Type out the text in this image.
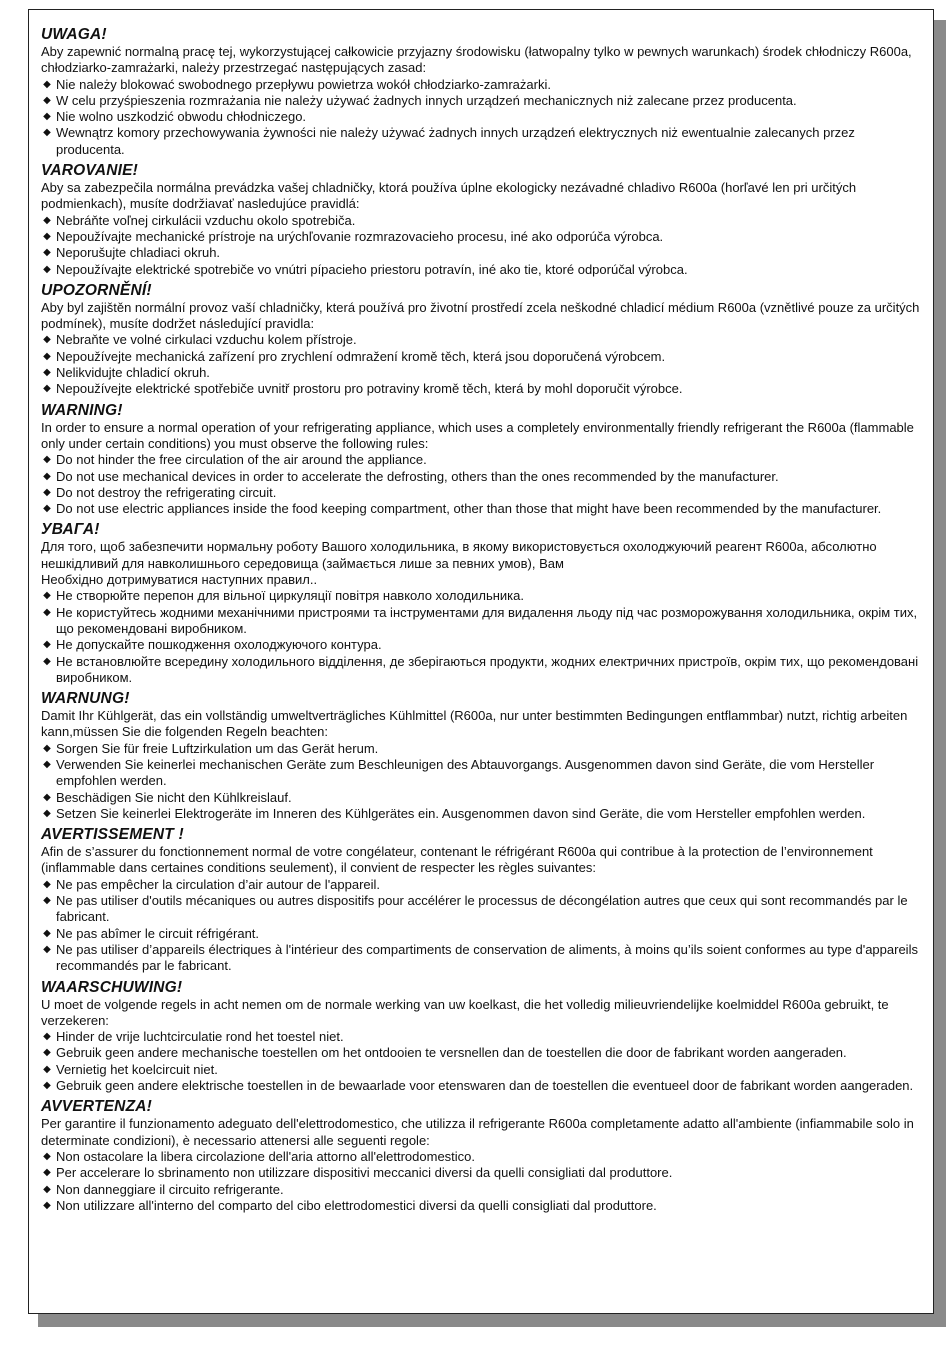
UWAGA!
Aby zapewnić normalną pracę tej, wykorzystującej całkowicie przyjazny środowisku (łatwopalny tylko w pewnych warunkach) środek chłodniczy R600a, chłodziarko-zamrażarki, należy przestrzegać następujących zasad:
◆ Nie należy blokować swobodnego przepływu powietrza wokół chłodziarko-zamrażarki.
◆ W celu przyśpieszenia rozmrażania nie należy używać żadnych innych urządzeń mechanicznych niż zalecane przez producenta.
◆ Nie wolno uszkodzić obwodu chłodniczego.
◆ Wewnątrz komory przechowywania żywności nie należy używać żadnych innych urządzeń elektrycznych niż ewentualnie zalecanych przez producenta.
VAROVANIE!
Aby sa zabezpečila normálna prevádzka vašej chladničky, ktorá používa úplne ekologicky nezávadné chladivo R600a (horľavé len pri určitých podmienkach), musíte dodržiavať nasledujúce pravidlá:
◆ Nebráňte voľnej cirkulácii vzduchu okolo spotrebiča.
◆ Nepoužívajte mechanické prístroje na urýchľovanie rozmrazovacieho procesu, iné ako odporúča výrobca.
◆ Neporušujte chladiaci okruh.
◆ Nepoužívajte elektrické spotrebiče vo vnútri pípacieho priestoru potravín, iné ako tie, ktoré odporúčal výrobca.
UPOZORNĚNÍ!
Aby byl zajištěn normální provoz vaší chladničky, která používá pro životní prostředí zcela neškodné chladicí médium R600a (vznětlivé pouze za určitých podmínek), musíte dodržet následující pravidla:
◆ Nebraňte ve volné cirkulaci vzduchu kolem přístroje.
◆ Nepoužívejte mechanická zařízení pro zrychlení odmražení kromě těch, která jsou doporučená výrobcem.
◆ Nelikvidujte chladicí okruh.
◆ Nepoužívejte elektrické spotřebiče uvnitř prostoru pro potraviny kromě těch, která by mohl doporučit výrobce.
WARNING!
In order to ensure a normal operation of your refrigerating appliance, which uses a completely environmentally friendly refrigerant the R600a (flammable only under certain conditions) you must observe the following rules:
◆ Do not hinder the free circulation of the air around the appliance.
◆ Do not use mechanical devices in order to accelerate the defrosting, others than the ones recommended by the manufacturer.
◆ Do not destroy the refrigerating circuit.
◆ Do not use electric appliances inside the food keeping compartment, other than those that might have been recommended by the manufacturer.
УВАГА!
Для того, щоб забезпечити нормальну роботу Вашого холодильника, в якому використовується охолоджуючий реагент R600a, абсолютно нешкідливий для навколишнього середовища (займається лише за певних умов), Вам
Необхідно дотримуватися наступних правил..
◆ Не створюйте перепон для вільної циркуляції повітря навколо холодильника.
◆ Не користуйтесь жодними механічними пристроями та інструментами для видалення льоду під час розморожування холодильника, окрім тих, що рекомендовані виробником.
◆ Не допускайте пошкодження охолоджуючого контура.
◆ Не встановлюйте всередину холодильного відділення, де зберігаються продукти, жодних електричних пристроїв, окрім тих, що рекомендовані виробником.
WARNUNG!
Damit Ihr Kühlgerät, das ein vollständig umweltverträgliches Kühlmittel (R600a, nur unter bestimmten Bedingungen entflammbar) nutzt, richtig arbeiten kann,müssen Sie die folgenden Regeln beachten:
◆ Sorgen Sie für freie Luftzirkulation um das Gerät herum.
◆ Verwenden Sie keinerlei mechanischen Geräte zum Beschleunigen des Abtauvorgangs. Ausgenommen davon sind Geräte, die vom Hersteller empfohlen werden.
◆ Beschädigen Sie nicht den Kühlkreislauf.
◆ Setzen Sie keinerlei Elektrogeräte im Inneren des Kühlgerätes ein. Ausgenommen davon sind Geräte, die vom Hersteller empfohlen werden.
AVERTISSEMENT !
Afin de s’assurer du fonctionnement normal de votre congélateur, contenant le réfrigérant R600a qui contribue à la protection de l’environnement (inflammable dans certaines conditions seulement), il convient de respecter les règles suivantes:
◆ Ne pas empêcher la circulation d’air autour de l'appareil.
◆ Ne pas utiliser d'outils mécaniques ou autres dispositifs pour accélérer le processus de décongélation autres que ceux qui sont recommandés par le fabricant.
◆ Ne pas abîmer le circuit réfrigérant.
◆ Ne pas utiliser d’appareils électriques à l'intérieur des compartiments de conservation de aliments, à moins qu’ils soient conformes au type d'appareils recommandés par le fabricant.
WAARSCHUWING!
U moet de volgende regels in acht nemen om de normale werking van uw koelkast, die het volledig milieuvriendelijke koelmiddel R600a gebruikt, te verzekeren:
◆ Hinder de vrije luchtcirculatie rond het toestel niet.
◆ Gebruik geen andere mechanische toestellen om het ontdooien te versnellen dan de toestellen die door de fabrikant worden aangeraden.
◆ Vernietig het koelcircuit niet.
◆ Gebruik geen andere elektrische toestellen in de bewaarlade voor etenswaren dan de toestellen die eventueel door de fabrikant worden aangeraden.
AVVERTENZA!
Per garantire il funzionamento adeguato dell'elettrodomestico, che utilizza il refrigerante R600a completamente adatto all'ambiente (infiammabile solo in determinate condizioni), è necessario attenersi alle seguenti regole:
◆ Non ostacolare la libera circolazione dell'aria attorno all'elettrodomestico.
◆ Per accelerare lo sbrinamento non utilizzare dispositivi meccanici diversi da quelli consigliati dal produttore.
◆ Non danneggiare il circuito refrigerante.
◆ Non utilizzare all'interno del comparto del cibo elettrodomestici diversi da quelli consigliati dal produttore.
